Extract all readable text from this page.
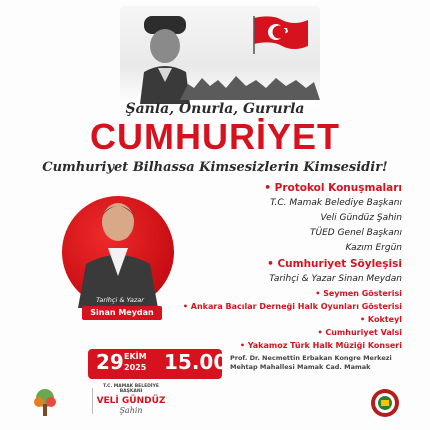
Şanla, Onurla, Gururla
CUMHURİYET
Cumhuriyet Bilhassa Kimsesizlerin Kimsesidir!
Tarihçi & Yazar
Sinan Meydan
• Protokol Konuşmaları
T.C. Mamak Belediye Başkanı
Veli Gündüz Şahin
TÜED Genel Başkanı
Kazım Ergün
• Cumhuriyet Söyleşisi
Tarihçi & Yazar Sinan Meydan
• Seymen Gösterisi
• Ankara Bacılar Derneği Halk Oyunları Gösterisi
• Kokteyl
• Cumhuriyet Valsi
• Yakamoz Türk Halk Müziği Konseri
29 EKİM
2025 15.00 Prof. Dr. Necmettin Erbakan Kongre Merkezi
Mehtap Mahallesi Mamak Cad. Mamak
T.C. MAMAK BELEDİYE BAŞKANI
VELİ GÜNDÜZ
Şahin
